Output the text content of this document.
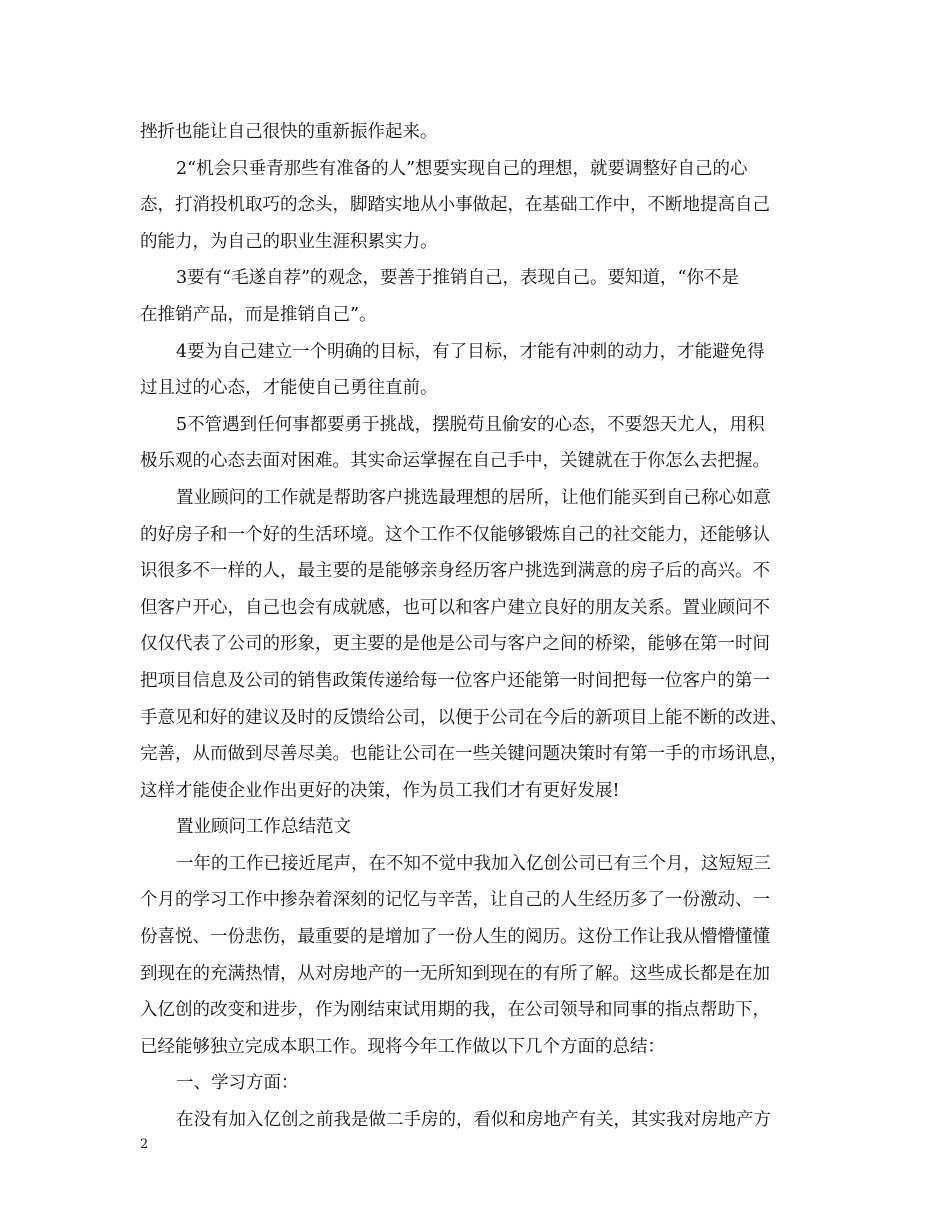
挫折也能让自己很快的重新振作起来。
2“机会只垂青那些有准备的人”想要实现自己的理想，就要调整好自己的心
态，打消投机取巧的念头，脚踏实地从小事做起，在基础工作中，不断地提高自己
的能力，为自己的职业生涯积累实力。
3要有“毛遂自荐”的观念，要善于推销自己，表现自己。要知道，“你不是
在推销产品，而是推销自己”。
4要为自己建立一个明确的目标，有了目标，才能有冲刺的动力，才能避免得
过且过的心态，才能使自己勇往直前。
5不管遇到任何事都要勇于挑战，摆脱苟且偷安的心态，不要怨天尤人，用积
极乐观的心态去面对困难。其实命运掌握在自己手中，关键就在于你怎么去把握。
置业顾问的工作就是帮助客户挑选最理想的居所，让他们能买到自己称心如意
的好房子和一个好的生活环境。这个工作不仅能够锻炼自己的社交能力，还能够认
识很多不一样的人，最主要的是能够亲身经历客户挑选到满意的房子后的高兴。不
但客户开心，自己也会有成就感，也可以和客户建立良好的朋友关系。置业顾问不
仅仅代表了公司的形象，更主要的是他是公司与客户之间的桥梁，能够在第一时间
把项目信息及公司的销售政策传递给每一位客户还能第一时间把每一位客户的第一
手意见和好的建议及时的反馈给公司，以便于公司在今后的新项目上能不断的改进、
完善，从而做到尽善尽美。也能让公司在一些关键问题决策时有第一手的市场讯息，
这样才能使企业作出更好的决策，作为员工我们才有更好发展!
置业顾问工作总结范文
一年的工作已接近尾声，在不知不觉中我加入亿创公司已有三个月，这短短三
个月的学习工作中掺杂着深刻的记忆与辛苦，让自己的人生经历多了一份激动、一
份喜悦、一份悲伤，最重要的是增加了一份人生的阅历。这份工作让我从懵懵懂懂
到现在的充满热情，从对房地产的一无所知到现在的有所了解。这些成长都是在加
入亿创的改变和进步，作为刚结束试用期的我，在公司领导和同事的指点帮助下，
已经能够独立完成本职工作。现将今年工作做以下几个方面的总结：
一、学习方面：
在没有加入亿创之前我是做二手房的，看似和房地产有关，其实我对房地产方
2
